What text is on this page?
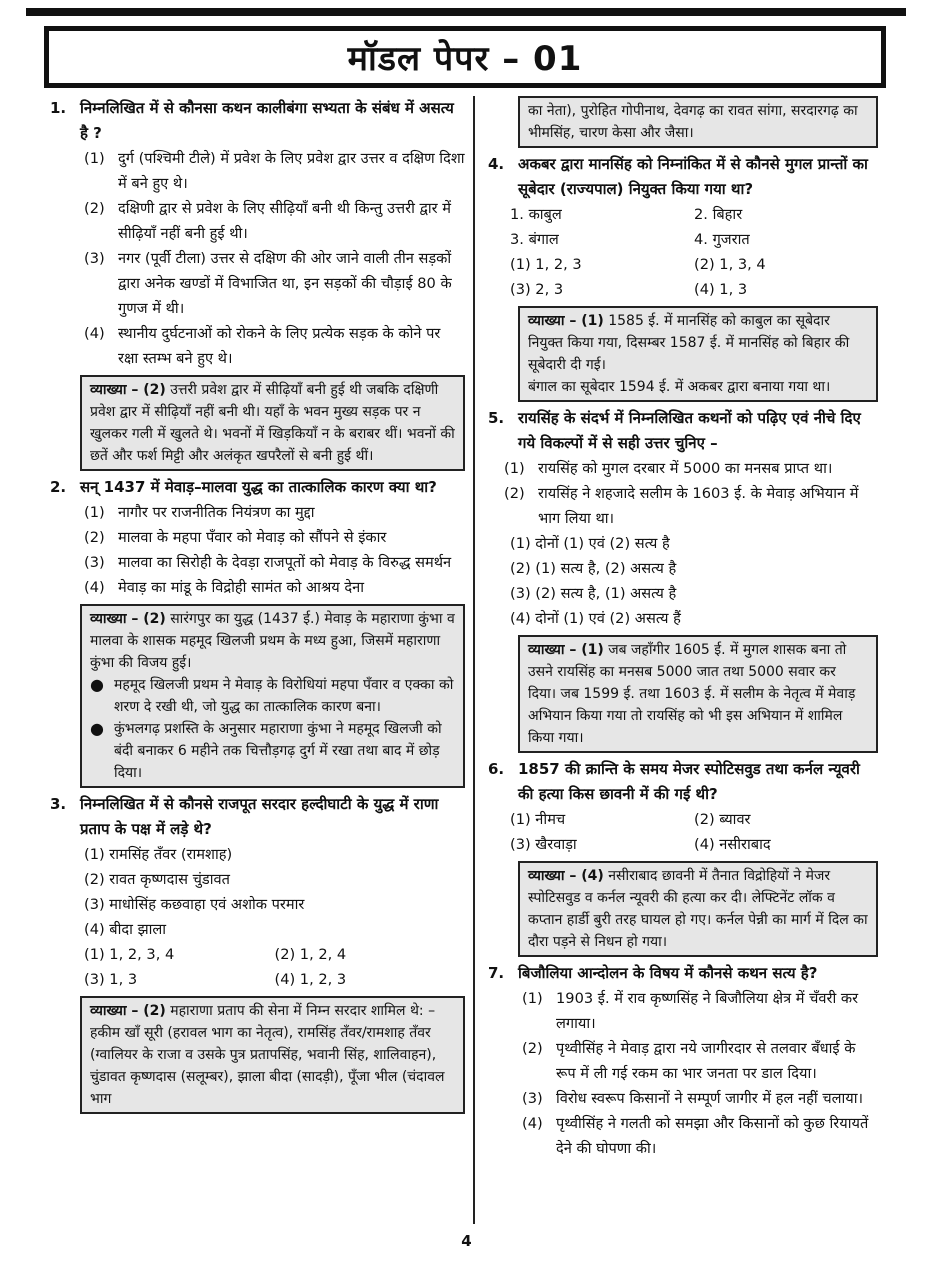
मॉडल पेपर – 01
1. निम्नलिखित में से कौनसा कथन कालीबंगा सभ्यता के संबंध में असत्य है ?
(1) दुर्ग (पश्चिमी टीले) में प्रवेश के लिए प्रवेश द्वार उत्तर व दक्षिण दिशा में बने हुए थे।
(2) दक्षिणी द्वार से प्रवेश के लिए सीढ़ियाँ बनी थी किन्तु उत्तरी द्वार में सीढ़ियाँ नहीं बनी हुई थी।
(3) नगर (पूर्वी टीला) उत्तर से दक्षिण की ओर जाने वाली तीन सड़कों द्वारा अनेक खण्डों में विभाजित था, इन सड़कों की चौड़ाई 80 के गुणज में थी।
(4) स्थानीय दुर्घटनाओं को रोकने के लिए प्रत्येक सड़क के कोने पर रक्षा स्तम्भ बने हुए थे।
व्याख्या – (2) उत्तरी प्रवेश द्वार में सीढ़ियाँ बनी हुई थी जबकि दक्षिणी प्रवेश द्वार में सीढ़ियाँ नहीं बनी थी। यहाँ के भवन मुख्य सड़क पर न खुलकर गली में खुलते थे। भवनों में खिड़कियाँ न के बराबर थीं। भवनों की छतें और फर्श मिट्टी और अलंकृत खपरैलों से बनी हुई थीं।
2. सन् 1437 में मेवाड़–मालवा युद्ध का तात्कालिक कारण क्या था?
(1) नागौर पर राजनीतिक नियंत्रण का मुद्दा
(2) मालवा के महपा पँवार को मेवाड़ को सौंपने से इंकार
(3) मालवा का सिरोही के देवड़ा राजपूतों को मेवाड़ के विरुद्ध समर्थन
(4) मेवाड़ का मांडू के विद्रोही सामंत को आश्रय देना
व्याख्या – (2) सारंगपुर का युद्ध (1437 ई.) मेवाड़ के महाराणा कुंभा व मालवा के शासक महमूद खिलजी प्रथम के मध्य हुआ, जिसमें महाराणा कुंभा की विजय हुई।
● महमूद खिलजी प्रथम ने मेवाड़ के विरोधियां महपा पँवार व एक्का को शरण दे रखी थी, जो युद्ध का तात्कालिक कारण बना।
● कुंभलगढ़ प्रशस्ति के अनुसार महाराणा कुंभा ने महमूद खिलजी को बंदी बनाकर 6 महीने तक चित्तौड़गढ़ दुर्ग में रखा तथा बाद में छोड़ दिया।
3. निम्नलिखित में से कौनसे राजपूत सरदार हल्दीघाटी के युद्ध में राणा प्रताप के पक्ष में लड़े थे?
(1) रामसिंह तँवर (रामशाह)
(2) रावत कृष्णदास चुंडावत
(3) माधोसिंह कछवाहा एवं अशोक परमार
(4) बीदा झाला
(1) 1, 2, 3, 4	(2) 1, 2, 4
(3) 1, 3	(4) 1, 2, 3
व्याख्या – (2) महाराणा प्रताप की सेना में निम्न सरदार शामिल थे: – हकीम खाँ सूरी (हरावल भाग का नेतृत्व), रामसिंह तँवर/रामशाह तँवर (ग्वालियर के राजा व उसके पुत्र प्रतापसिंह, भवानी सिंह, शालिवाहन), चुंडावत कृष्णदास (सलूम्बर), झाला बीदा (सादड़ी), पूँजा भील (चंदावल भाग
का नेता), पुरोहित गोपीनाथ, देवगढ़ का रावत सांगा, सरदारगढ़ का भीमसिंह, चारण केसा और जैसा।
4. अकबर द्वारा मानसिंह को निम्नांकित में से कौनसे मुगल प्रान्तों का सूबेदार (राज्यपाल) नियुक्त किया गया था?
1. काबुल	2. बिहार
3. बंगाल	4. गुजरात
(1) 1, 2, 3	(2) 1, 3, 4
(3) 2, 3	(4) 1, 3
व्याख्या – (1) 1585 ई. में मानसिंह को काबुल का सूबेदार नियुक्त किया गया, दिसम्बर 1587 ई. में मानसिंह को बिहार की सूबेदारी दी गई।
बंगाल का सूबेदार 1594 ई. में अकबर द्वारा बनाया गया था।
5. रायसिंह के संदर्भ में निम्नलिखित कथनों को पढ़िए एवं नीचे दिए गये विकल्पों में से सही उत्तर चुनिए –
(1) रायसिंह को मुगल दरबार में 5000 का मनसब प्राप्त था।
(2) रायसिंह ने शहजादे सलीम के 1603 ई. के मेवाड़ अभियान में भाग लिया था।
(1) दोनों (1) एवं (2) सत्य है
(2) (1) सत्य है, (2) असत्य है
(3) (2) सत्य है, (1) असत्य है
(4) दोनों (1) एवं (2) असत्य हैं
व्याख्या – (1) जब जहाँगीर 1605 ई. में मुगल शासक बना तो उसने रायसिंह का मनसब 5000 जात तथा 5000 सवार कर दिया। जब 1599 ई. तथा 1603 ई. में सलीम के नेतृत्व में मेवाड़ अभियान किया गया तो रायसिंह को भी इस अभियान में शामिल किया गया।
6. 1857 की क्रान्ति के समय मेजर स्पोटिसवुड तथा कर्नल न्यूवरी की हत्या किस छावनी में की गई थी?
(1) नीमच	(2) ब्यावर
(3) खैरवाड़ा	(4) नसीराबाद
व्याख्या – (4) नसीराबाद छावनी में तैनात विद्रोहियों ने मेजर स्पोटिसवुड व कर्नल न्यूवरी की हत्या कर दी। लेफ्टिनेंट लॉक व कप्तान हार्डी बुरी तरह घायल हो गए। कर्नल पेन्नी का मार्ग में दिल का दौरा पड़ने से निधन हो गया।
7. बिजौलिया आन्दोलन के विषय में कौनसे कथन सत्य है?
(1) 1903 ई. में राव कृष्णसिंह ने बिजौलिया क्षेत्र में चँवरी कर लगाया।
(2) पृथ्वीसिंह ने मेवाड़ द्वारा नये जागीरदार से तलवार बँधाई के रूप में ली गई रकम का भार जनता पर डाल दिया।
(3) विरोध स्वरूप किसानों ने सम्पूर्ण जागीर में हल नहीं चलाया।
(4) पृथ्वीसिंह ने गलती को समझा और किसानों को कुछ रियायतें देने की घोपणा की।
4
